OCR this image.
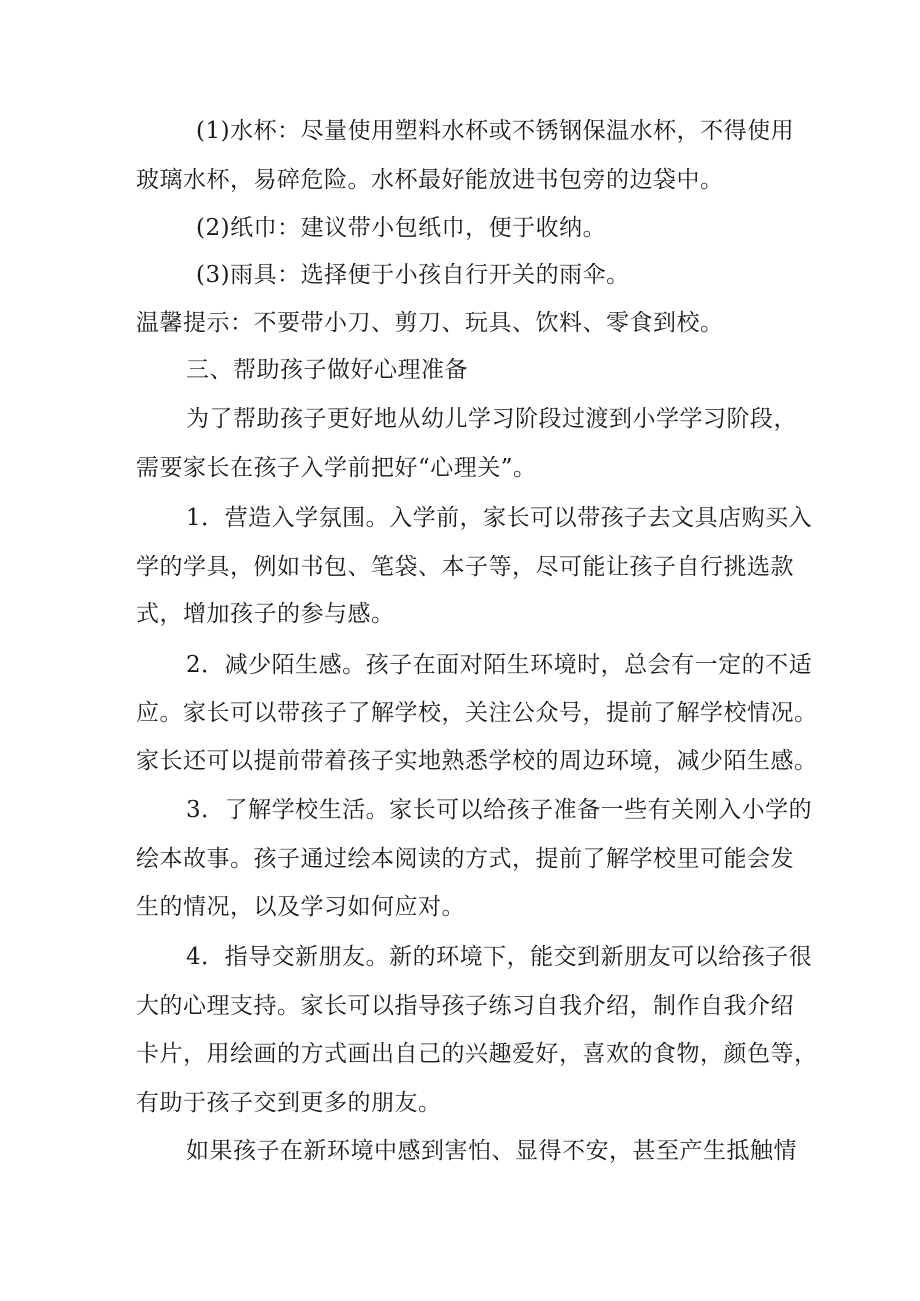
(1)水杯：尽量使用塑料水杯或不锈钢保温水杯，不得使用
玻璃水杯，易碎危险。水杯最好能放进书包旁的边袋中。
(2)纸巾：建议带小包纸巾，便于收纳。
(3)雨具：选择便于小孩自行开关的雨伞。
温馨提示：不要带小刀、剪刀、玩具、饮料、零食到校。
三、帮助孩子做好心理准备
为了帮助孩子更好地从幼儿学习阶段过渡到小学学习阶段，
需要家长在孩子入学前把好“心理关”。
1．营造入学氛围。入学前，家长可以带孩子去文具店购买入
学的学具，例如书包、笔袋、本子等，尽可能让孩子自行挑选款
式，增加孩子的参与感。
2．减少陌生感。孩子在面对陌生环境时，总会有一定的不适
应。家长可以带孩子了解学校，关注公众号，提前了解学校情况。
家长还可以提前带着孩子实地熟悉学校的周边环境，减少陌生感。
3．了解学校生活。家长可以给孩子准备一些有关刚入小学的
绘本故事。孩子通过绘本阅读的方式，提前了解学校里可能会发
生的情况，以及学习如何应对。
4．指导交新朋友。新的环境下，能交到新朋友可以给孩子很
大的心理支持。家长可以指导孩子练习自我介绍，制作自我介绍
卡片，用绘画的方式画出自己的兴趣爱好，喜欢的食物，颜色等，
有助于孩子交到更多的朋友。
如果孩子在新环境中感到害怕、显得不安，甚至产生抵触情
